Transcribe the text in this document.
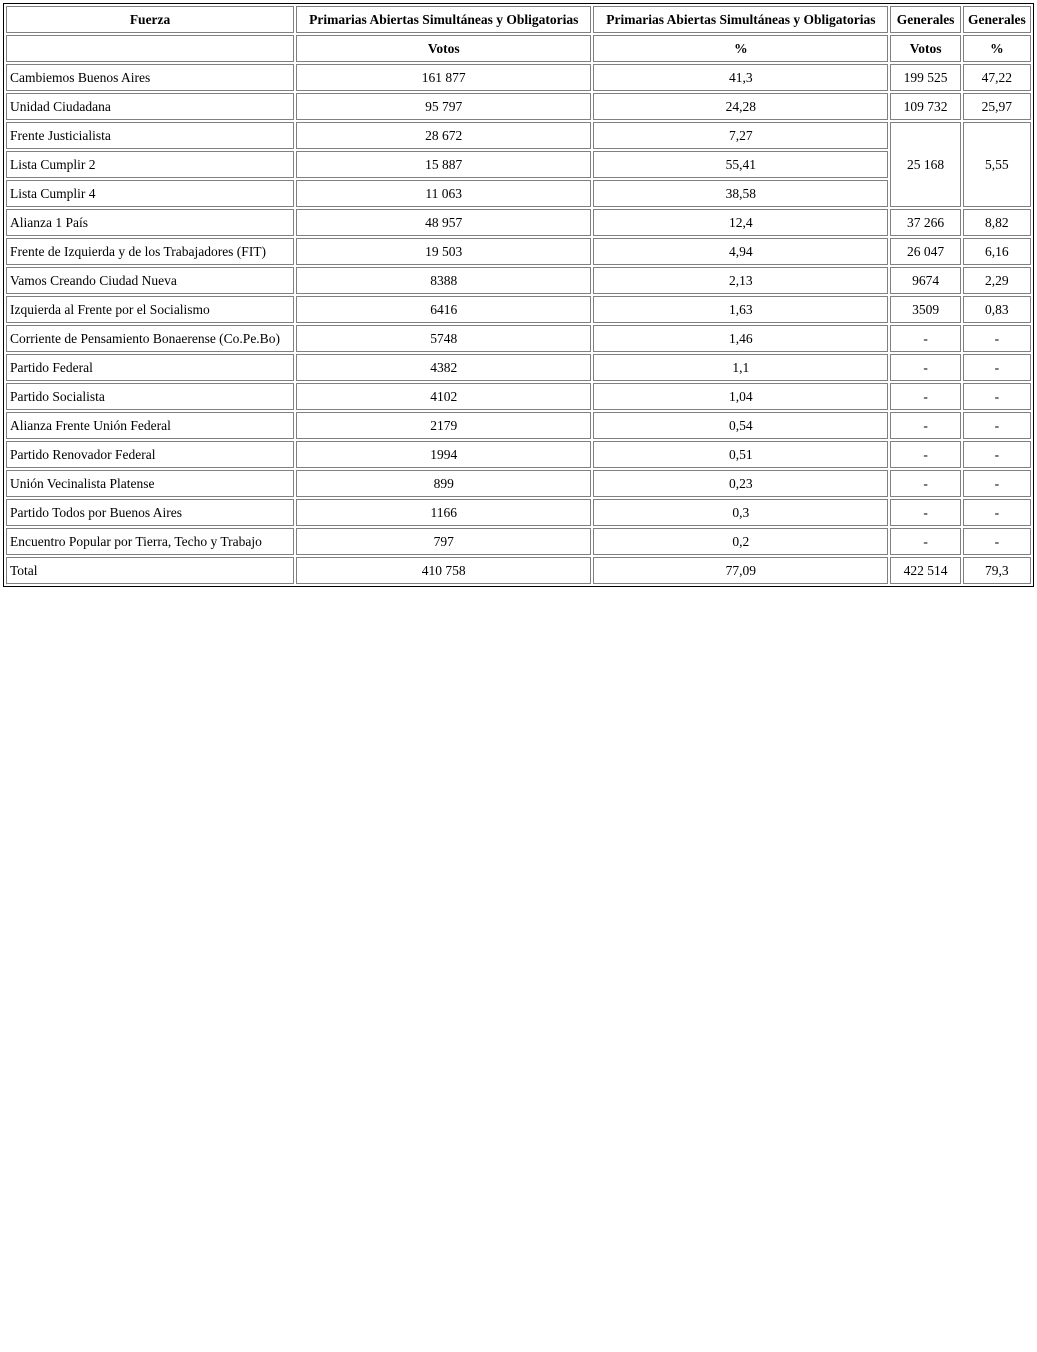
Fuerza	Primarias Abiertas Simultáneas y Obligatorias	Primarias Abiertas Simultáneas y Obligatorias	Generales	Generales
	Votos	%	Votos	%
Cambiemos Buenos Aires	161 877	41,3	199 525	47,22
Unidad Ciudadana	95 797	24,28	109 732	25,97
Frente Justicialista	28 672	7,27	25 168	5,55
Lista Cumplir 2	15 887	55,41		
Lista Cumplir 4	11 063	38,58		
Alianza 1 País	48 957	12,4	37 266	8,82
Frente de Izquierda y de los Trabajadores (FIT)	19 503	4,94	26 047	6,16
Vamos Creando Ciudad Nueva	8388	2,13	9674	2,29
Izquierda al Frente por el Socialismo	6416	1,63	3509	0,83
Corriente de Pensamiento Bonaerense (Co.Pe.Bo)	5748	1,46	-	-
Partido Federal	4382	1,1	-	-
Partido Socialista	4102	1,04	-	-
Alianza Frente Unión Federal	2179	0,54	-	-
Partido Renovador Federal	1994	0,51	-	-
Unión Vecinalista Platense	899	0,23	-	-
Partido Todos por Buenos Aires	1166	0,3	-	-
Encuentro Popular por Tierra, Techo y Trabajo	797	0,2	-	-
Total	410 758	77,09	422 514	79,3
